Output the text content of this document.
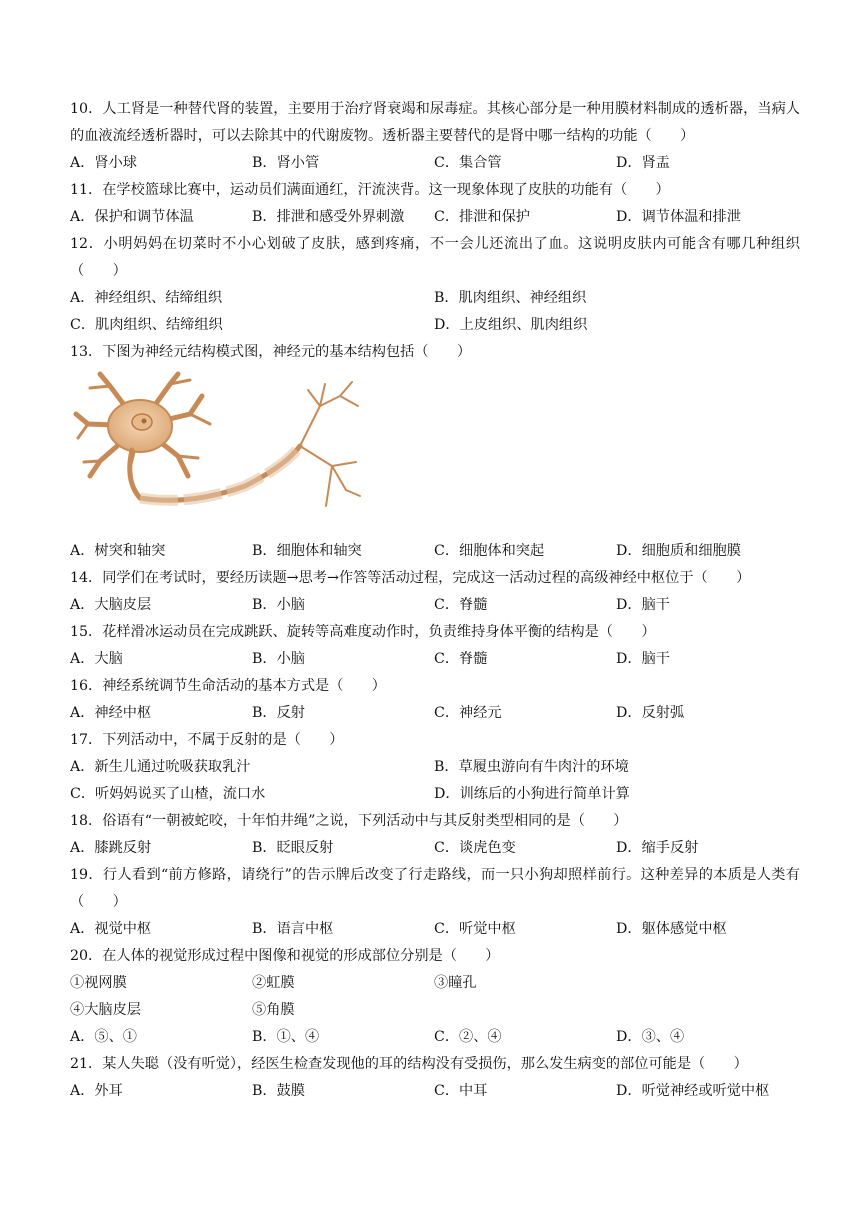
10．人工肾是一种替代肾的装置，主要用于治疗肾衰竭和尿毒症。其核心部分是一种用膜材料制成的透析器，当病人的血液流经透析器时，可以去除其中的代谢废物。透析器主要替代的是肾中哪一结构的功能（　　）
A．肾小球	B．肾小管	C．集合管	D．肾盂
11．在学校篮球比赛中，运动员们满面通红，汗流浃背。这一现象体现了皮肤的功能有（　　）
A．保护和调节体温	B．排泄和感受外界刺激	C．排泄和保护	D．调节体温和排泄
12．小明妈妈在切菜时不小心划破了皮肤，感到疼痛，不一会儿还流出了血。这说明皮肤内可能含有哪几种组织（　　）
A．神经组织、结缔组织	B．肌肉组织、神经组织
C．肌肉组织、结缔组织	D．上皮组织、肌肉组织
13．下图为神经元结构模式图，神经元的基本结构包括（　　）
A．树突和轴突	B．细胞体和轴突	C．细胞体和突起	D．细胞质和细胞膜
14．同学们在考试时，要经历读题→思考→作答等活动过程，完成这一活动过程的高级神经中枢位于（　　）
A．大脑皮层	B．小脑	C．脊髓	D．脑干
15．花样滑冰运动员在完成跳跃、旋转等高难度动作时，负责维持身体平衡的结构是（　　）
A．大脑	B．小脑	C．脊髓	D．脑干
16．神经系统调节生命活动的基本方式是（　　）
A．神经中枢	B．反射	C．神经元	D．反射弧
17．下列活动中，不属于反射的是（　　）
A．新生儿通过吮吸获取乳汁	B．草履虫游向有牛肉汁的环境
C．听妈妈说买了山楂，流口水	D．训练后的小狗进行简单计算
18．俗语有“一朝被蛇咬，十年怕井绳”之说，下列活动中与其反射类型相同的是（　　）
A．膝跳反射	B．眨眼反射	C．谈虎色变	D．缩手反射
19．行人看到“前方修路，请绕行”的告示牌后改变了行走路线，而一只小狗却照样前行。这种差异的本质是人类有（　　）
A．视觉中枢	B．语言中枢	C．听觉中枢	D．躯体感觉中枢
20．在人体的视觉形成过程中图像和视觉的形成部位分别是（　　）
①视网膜	②虹膜	③瞳孔
④大脑皮层	⑤角膜
A．⑤、①	B．①、④	C．②、④	D．③、④
21．某人失聪（没有听觉），经医生检查发现他的耳的结构没有受损伤，那么发生病变的部位可能是（　　）
A．外耳	B．鼓膜	C．中耳	D．听觉神经或听觉中枢
